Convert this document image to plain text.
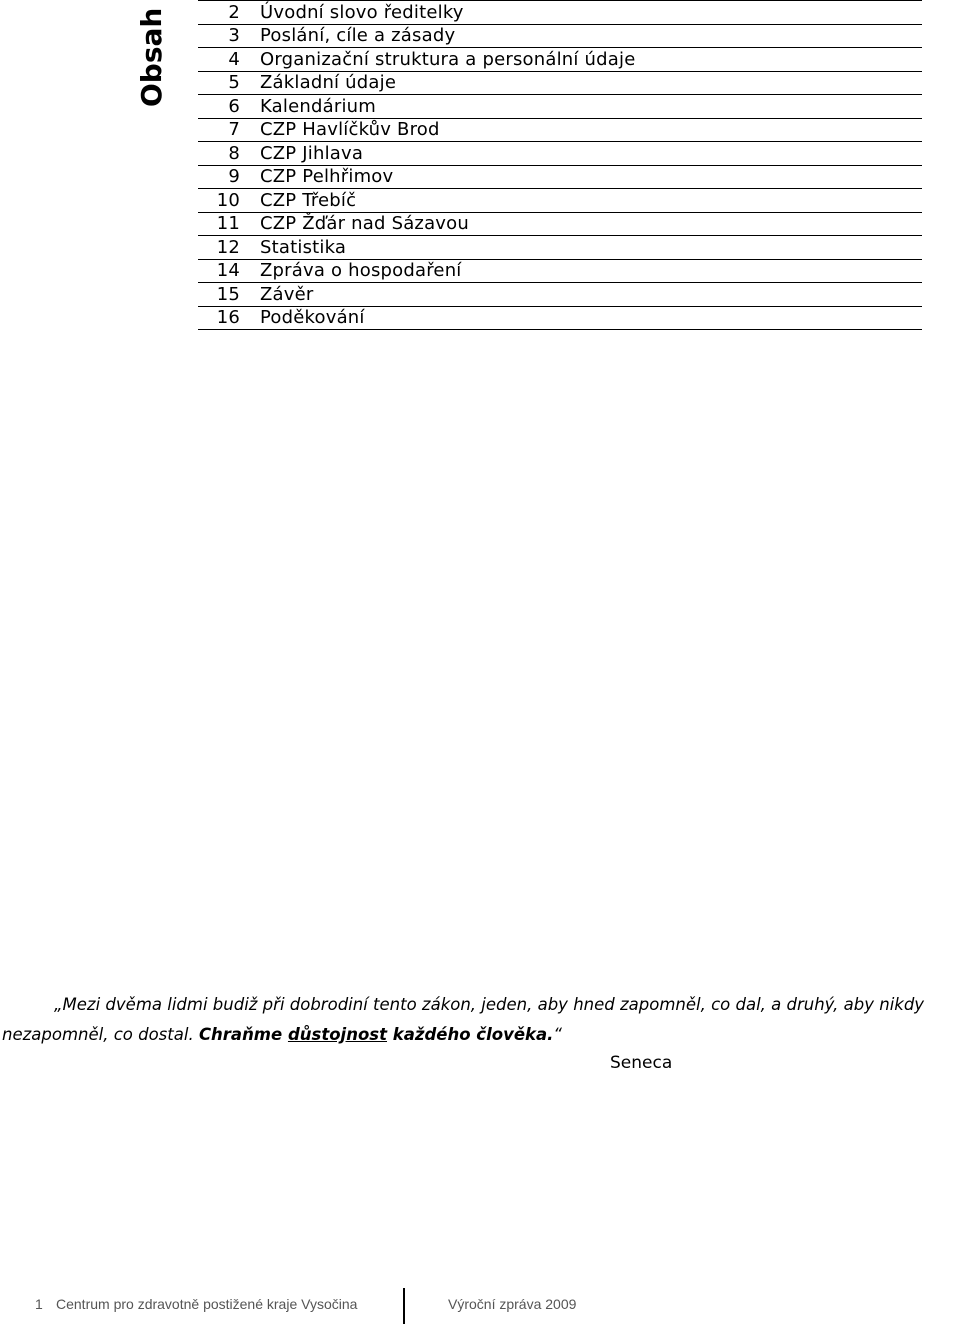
Obsah	2	Úvodní slovo ředitelky
3	Poslání, cíle a zásady
4	Organizační struktura a personální údaje
5	Základní údaje
6	Kalendárium
7	CZP Havlíčkův Brod
8	CZP Jihlava
9	CZP Pelhřimov
10	CZP Třebíč
11	CZP Žďár nad Sázavou
12	Statistika
14	Zpráva o hospodaření
15	Závěr
16	Poděkování

„Mezi dvěma lidmi budiž při dobrodiní tento zákon, jeden, aby hned zapomněl, co dal, a druhý, aby nikdy

nezapomněl, co dostal. Chraňme důstojnost každého člověka.“

Seneca
1 Centrum pro zdravotně postižené kraje Vysočina	Výroční zpráva 2009
